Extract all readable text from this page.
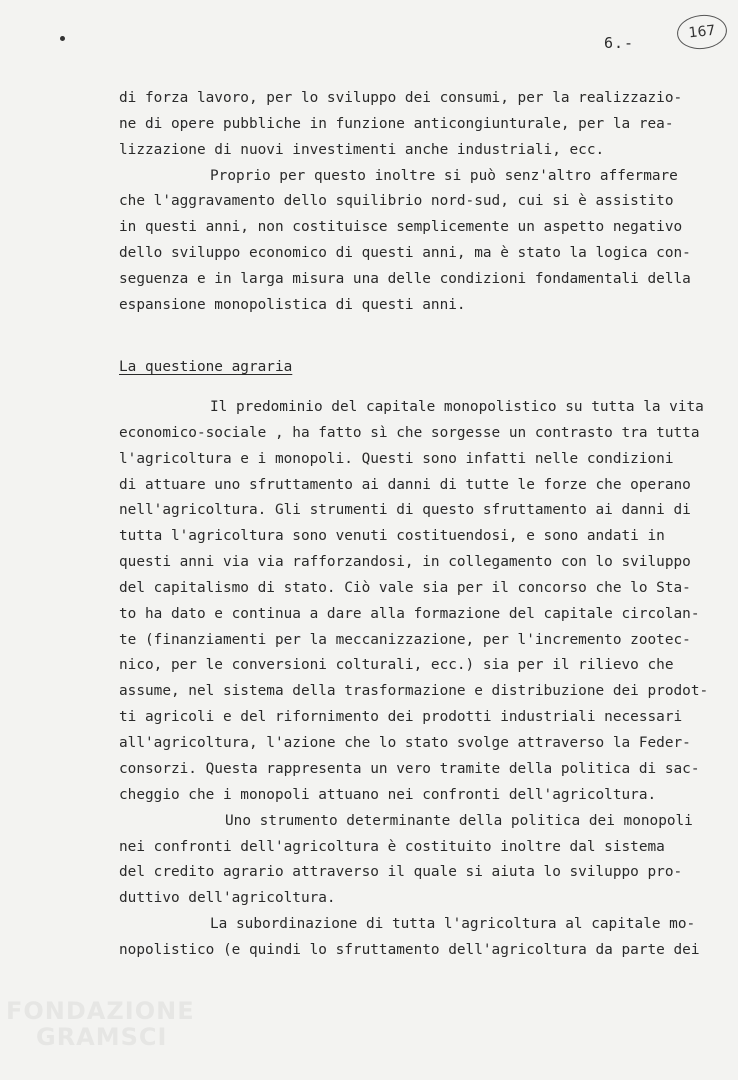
6.-
167
di forza lavoro, per lo sviluppo dei consumi, per la realizzazio-
ne di opere pubbliche in funzione anticongiunturale, per la rea-
lizzazione di nuovi investimenti anche industriali, ecc.
Proprio per questo inoltre si può senz'altro affermare
che l'aggravamento dello squilibrio nord-sud, cui si è assistito
in questi anni, non costituisce semplicemente un aspetto negativo
dello sviluppo economico di questi anni, ma è stato la logica con-
seguenza e in larga misura una delle condizioni fondamentali della
espansione monopolistica di questi anni.
La questione agraria
Il predominio del capitale monopolistico su tutta la vita
economico-sociale , ha fatto sì che sorgesse un contrasto tra tutta
l'agricoltura e i monopoli. Questi sono infatti nelle condizioni
di attuare uno sfruttamento ai danni di tutte le forze che operano
nell'agricoltura. Gli strumenti di questo sfruttamento ai danni di
tutta l'agricoltura sono venuti costituendosi, e sono andati in
questi anni via via rafforzandosi, in collegamento con lo sviluppo
del capitalismo di stato. Ciò vale sia per il concorso che lo Sta-
to ha dato e continua a dare alla formazione del capitale circolan-
te (finanziamenti per la meccanizzazione, per l'incremento zootec-
nico, per le conversioni colturali, ecc.) sia per il rilievo che
assume, nel sistema della trasformazione e distribuzione dei prodot-
ti agricoli e del rifornimento dei prodotti industriali necessari
all'agricoltura, l'azione che lo stato svolge attraverso la Feder-
consorzi. Questa rappresenta un vero tramite della politica di sac-
cheggio che i monopoli attuano nei confronti dell'agricoltura.
Uno strumento determinante della politica dei monopoli
nei confronti dell'agricoltura è costituito inoltre dal sistema
del credito agrario attraverso il quale si aiuta lo sviluppo pro-
duttivo dell'agricoltura.
La subordinazione di tutta l'agricoltura al capitale mo-
nopolistico (e quindi lo sfruttamento dell'agricoltura da parte dei
FONDAZIONE
GRAMSCI
